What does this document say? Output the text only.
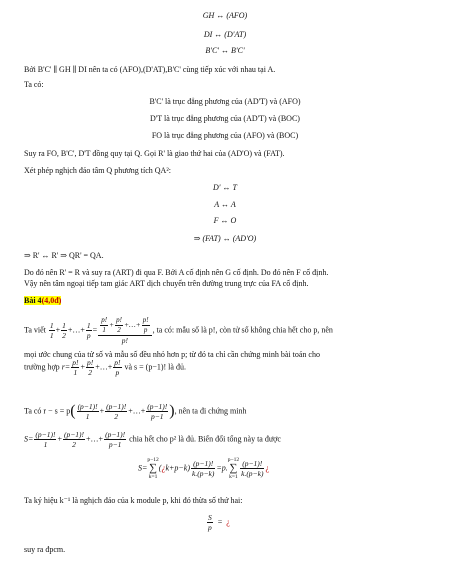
GH ↔ (AFO)
DI ↔ (D'AT)
B'C' ↔ B'C'
Bởi B'C' ∥ GH ∥ DI nên ta có (AFO),(D'AT),B'C' cùng tiếp xúc với nhau tại A.
Ta có:
B'C' là trục đẳng phương của (AD'T) và (AFO)
D'T là trục đẳng phương của (AD'T) và (BOC)
FO là trục đẳng phương của (AFO) và (BOC)
Suy ra FO, B'C', D'T đồng quy tại Q. Gọi R' là giao thứ hai của (AD'O) và (FAT).
Xét phép nghịch đảo tâm Q phương tích QA²:
D' ↔ T
A ↔ A
F ↔ O
⇒ (FAT) ↔ (AD'O)
⇒ R' ↔ R' ⇒ QR' = QA.
Do đó nên R' = R và suy ra (ART) đi qua F. Bởi A cố định nên G cố định. Do đó nên F cố định.
Vậy nên tâm ngoại tiếp tam giác ART dịch chuyển trên đường trung trực của FA cố định.
Bài 4(4,0đ)
Ta viết $\frac{1}{1} + \frac{1}{2}$ +…+ $\frac{1}{p} = \frac{\frac{p!}{1} + \frac{p!}{2} +\dots+ \frac{p!}{p}}{p!}$ , ta có: mẫu số là p!, còn tử số không chia hết cho p, nên
mọi ước chung của tử số và mẫu số đều nhỏ hơn p; từ đó ta chỉ cần chứng minh bài toán cho
trường hợp $r= \frac{p!}{1} + \frac{p!}{2}$ +…+ $\frac{p!}{p}$ và s = (p−1)! là đủ.
Ta có $r - s = p( \frac{(p-1)!}{1} + \frac{(p-1)!}{2}$ +…+ $\frac{(p-1)!}{p-1}$ ), nên ta đi chứng minh
$S= \frac{(p-1)!}{1} + \frac{(p-1)!}{2}$ +…+ $\frac{(p-1)!}{p-1}$ chia hết cho p² là đủ. Biến đổi tổng này ta được
S=p−12
∑
k=1(¿k+p−k) $\frac{(p-1)!}{k.(p-k)} =p.p-12$
∑
$k=1 \frac{(p-1)!}{k.(p-k)}$ ¿
Ta ký hiệu k⁻¹ là nghịch đảo của k module p, khi đó thừa số thứ hai:
$\frac{S}{p}$ =  ¿
suy ra đpcm.
